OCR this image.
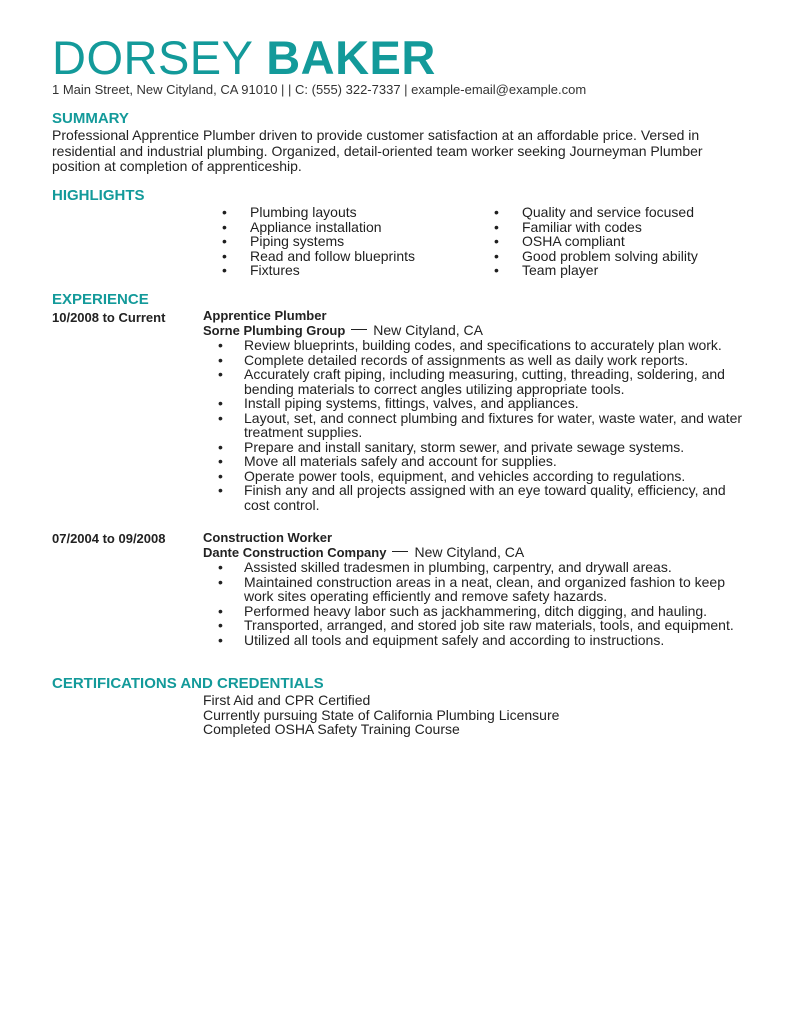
DORSEY BAKER
1 Main Street, New Cityland, CA 91010 | | C: (555) 322-7337 | example-email@example.com
SUMMARY
Professional Apprentice Plumber driven to provide customer satisfaction at an affordable price. Versed in residential and industrial plumbing. Organized, detail-oriented team worker seeking Journeyman Plumber position at completion of apprenticeship.
HIGHLIGHTS
• Plumbing layouts
• Appliance installation
• Piping systems
• Read and follow blueprints
• Fixtures
• Quality and service focused
• Familiar with codes
• OSHA compliant
• Good problem solving ability
• Team player
EXPERIENCE
10/2008 to Current	Apprentice Plumber
Sorne Plumbing Group New Cityland, CA
• Review blueprints, building codes, and specifications to accurately plan work.
• Complete detailed records of assignments as well as daily work reports.
• Accurately craft piping, including measuring, cutting, threading, soldering, and bending materials to correct angles utilizing appropriate tools.
• Install piping systems, fittings, valves, and appliances.
• Layout, set, and connect plumbing and fixtures for water, waste water, and water treatment supplies.
• Prepare and install sanitary, storm sewer, and private sewage systems.
• Move all materials safely and account for supplies.
• Operate power tools, equipment, and vehicles according to regulations.
• Finish any and all projects assigned with an eye toward quality, efficiency, and cost control.
07/2004 to 09/2008	Construction Worker
Dante Construction Company New Cityland, CA
• Assisted skilled tradesmen in plumbing, carpentry, and drywall areas.
• Maintained construction areas in a neat, clean, and organized fashion to keep work sites operating efficiently and remove safety hazards.
• Performed heavy labor such as jackhammering, ditch digging, and hauling.
• Transported, arranged, and stored job site raw materials, tools, and equipment.
• Utilized all tools and equipment safely and according to instructions.
CERTIFICATIONS AND CREDENTIALS
First Aid and CPR Certified
Currently pursuing State of California Plumbing Licensure
Completed OSHA Safety Training Course
